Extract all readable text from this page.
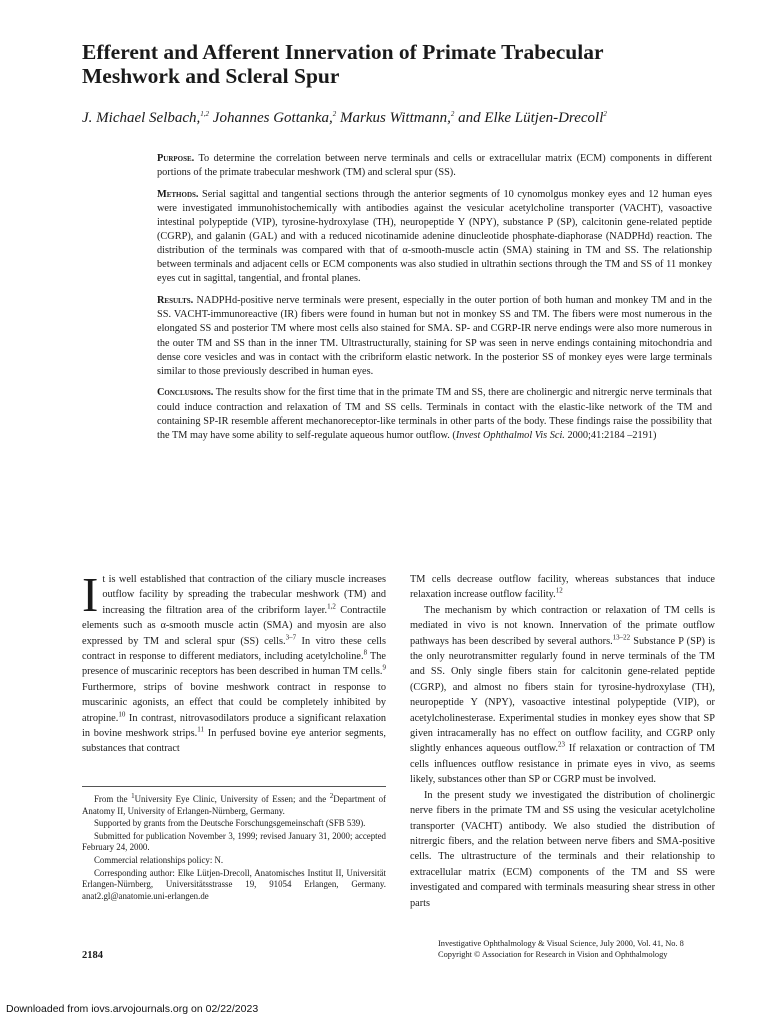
Efferent and Afferent Innervation of Primate Trabecular
Meshwork and Scleral Spur
J. Michael Selbach,$^{1,2}$ Johannes Gottanka,$^2$ Markus Wittmann,$^2$ and Elke Lütjen-Drecoll$^2$

Purpose. To determine the correlation between nerve terminals and cells or extracellular matrix (ECM) components in different portions of the primate trabecular meshwork (TM) and scleral spur (SS).

Methods. Serial sagittal and tangential sections through the anterior segments of 10 cynomolgus monkey eyes and 12 human eyes were investigated immunohistochemically with antibodies against the vesicular acetylcholine transporter (VACHT), vasoactive intestinal polypeptide (VIP), tyrosine-hydroxylase (TH), neuropeptide Y (NPY), substance P (SP), calcitonin gene-related peptide (CGRP), and galanin (GAL) and with a reduced nicotinamide adenine dinucleotide phosphate-diaphorase (NADPHd) reaction. The distribution of the terminals was compared with that of α-smooth-muscle actin (SMA) staining in TM and SS. The relationship between terminals and adjacent cells or ECM components was also studied in ultrathin sections through the TM and SS of 11 monkey eyes cut in sagittal, tangential, and frontal planes.

Results. NADPHd-positive nerve terminals were present, especially in the outer portion of both human and monkey TM and in the SS. VACHT-immunoreactive (IR) fibers were found in human but not in monkey SS and TM. The fibers were most numerous in the elongated SS and posterior TM where most cells also stained for SMA. SP- and CGRP-IR nerve endings were also more numerous in the outer TM and SS than in the inner TM. Ultrastructurally, staining for SP was seen in nerve endings containing mitochondria and dense core vesicles and was in contact with the cribriform elastic network. In the posterior SS of monkey eyes were large terminals similar to those previously described in human eyes.

Conclusions. The results show for the first time that in the primate TM and SS, there are cholinergic and nitrergic nerve terminals that could induce contraction and relaxation of TM and SS cells. Terminals in contact with the elastic-like network of the TM and containing SP-IR resemble afferent mechanoreceptor-like terminals in other parts of the body. These findings raise the possibility that the TM may have some ability to self-regulate aqueous humor outflow. (Invest Ophthalmol Vis Sci. 2000;41:2184 –2191)

It is well established that contraction of the ciliary muscle increases outflow facility by spreading the trabecular meshwork (TM) and increasing the filtration area of the cribriform layer.$^{1,2}$ Contractile elements such as α-smooth muscle actin (SMA) and myosin are also expressed by TM and scleral spur (SS) cells.$^{3-7}$ In vitro these cells contract in response to different mediators, including acetylcholine.$^8$ The presence of muscarinic receptors has been described in human TM cells.$^9$ Furthermore, strips of bovine meshwork contract in response to muscarinic agonists, an effect that could be completely inhibited by atropine.$^{10}$ In contrast, nitrovasodilators produce a significant relaxation in bovine meshwork strips.$^{11}$ In perfused bovine eye anterior segments, substances that contract

From the $^1$University Eye Clinic, University of Essen; and the $^2$Department of Anatomy II, University of Erlangen-Nürnberg, Germany.

Supported by grants from the Deutsche Forschungsgemeinschaft (SFB 539).

Submitted for publication November 3, 1999; revised January 31, 2000; accepted February 24, 2000.

Commercial relationships policy: N.

Corresponding author: Elke Lütjen-Drecoll, Anatomisches Institut II, Universität Erlangen-Nürnberg, Universitätsstrasse 19, 91054 Erlangen, Germany. anat2.gl@anatomie.uni-erlangen.de

TM cells decrease outflow facility, whereas substances that induce relaxation increase outflow facility.$^{12}$

The mechanism by which contraction or relaxation of TM cells is mediated in vivo is not known. Innervation of the primate outflow pathways has been described by several authors.$^{13-22}$ Substance P (SP) is the only neurotransmitter regularly found in nerve terminals of the TM and SS. Only single fibers stain for calcitonin gene-related peptide (CGRP), and almost no fibers stain for tyrosine-hydroxylase (TH), neuropeptide Y (NPY), vasoactive intestinal polypeptide (VIP), or acetylcholinesterase. Experimental studies in monkey eyes show that SP given intracamerally has no effect on outflow facility, and CGRP only slightly enhances aqueous outflow.$^{23}$ If relaxation or contraction of TM cells influences outflow resistance in primate eyes in vivo, as seems likely, substances other than SP or CGRP must be involved.

In the present study we investigated the distribution of cholinergic nerve fibers in the primate TM and SS using the vesicular acetylcholine transporter (VACHT) antibody. We also studied the distribution of nitrergic fibers, and the relation between nerve fibers and SMA-positive cells. The ultrastructure of the terminals and their relationship to extracellular matrix (ECM) components of the TM and SS were investigated and compared with terminals measuring shear stress in other parts

2184
Investigative Ophthalmology & Visual Science, July 2000, Vol. 41, No. 8
Copyright © Association for Research in Vision and Ophthalmology
Downloaded from iovs.arvojournals.org on 02/22/2023
